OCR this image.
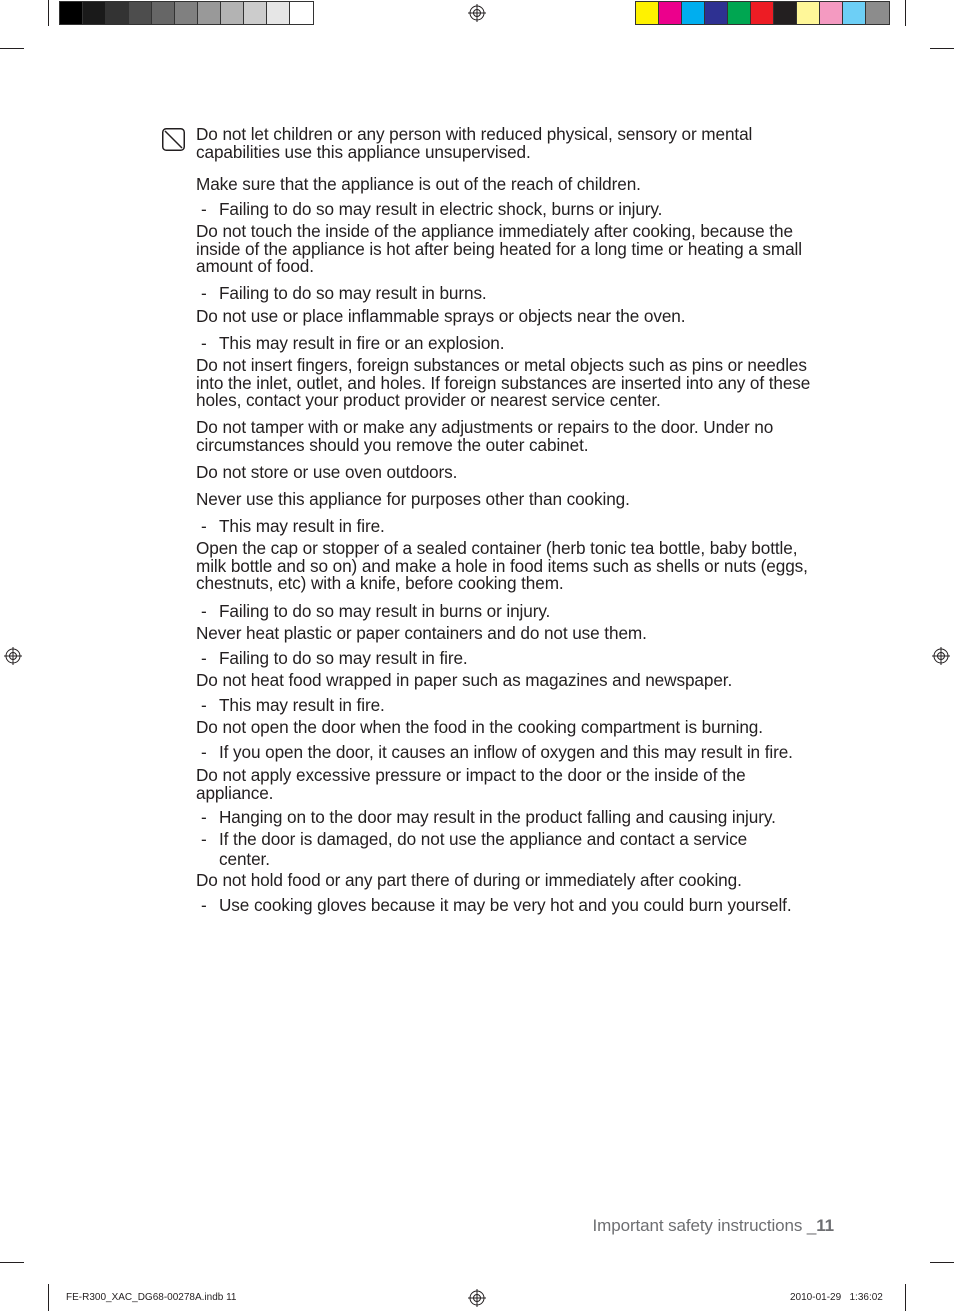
Do not let children or any person with reduced physical, sensory or mental capabilities use this appliance unsupervised.

Make sure that the appliance is out of the reach of children.

- Failing to do so may result in electric shock, burns or injury.

Do not touch the inside of the appliance immediately after cooking, because the inside of the appliance is hot after being heated for a long time or heating a small amount of food.

- Failing to do so may result in burns.

Do not use or place inflammable sprays or objects near the oven.

- This may result in fire or an explosion.

Do not insert fingers, foreign substances or metal objects such as pins or needles into the inlet, outlet, and holes. If foreign substances are inserted into any of these holes, contact your product provider or nearest service center.

Do not tamper with or make any adjustments or repairs to the door. Under no circumstances should you remove the outer cabinet.

Do not store or use oven outdoors.

Never use this appliance for purposes other than cooking.

- This may result in fire.

Open the cap or stopper of a sealed container (herb tonic tea bottle, baby bottle, milk bottle and so on) and make a hole in food items such as shells or nuts (eggs, chestnuts, etc) with a knife, before cooking them.

- Failing to do so may result in burns or injury.

Never heat plastic or paper containers and do not use them.

- Failing to do so may result in fire.

Do not heat food wrapped in paper such as magazines and newspaper.

- This may result in fire.

Do not open the door when the food in the cooking compartment is burning.

- If you open the door, it causes an inflow of oxygen and this may result in fire.

Do not apply excessive pressure or impact to the door or the inside of the appliance.

- Hanging on to the door may result in the product falling and causing injury.

- If the door is damaged, do not use the appliance and contact a service center.

Do not hold food or any part there of during or immediately after cooking.

- Use cooking gloves because it may be very hot and you could burn yourself.

Important safety instructions _11
FE-R300_XAC_DG68-00278A.indb 11	2010-01-29   1:36:02
